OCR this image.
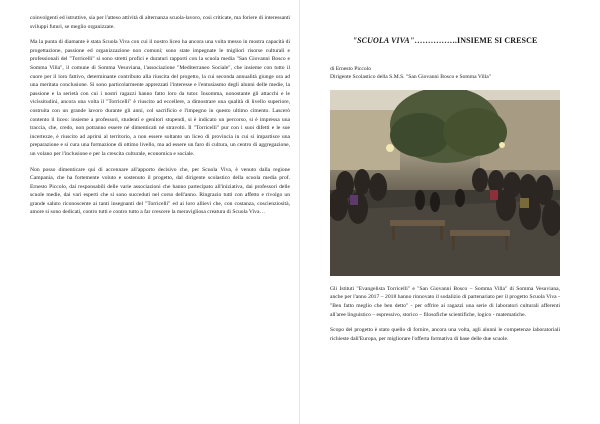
coinvolgenti ed istruttive, sia per l'atteso attività di alternanza scuola-lavoro, così criticate, ma foriere di interessanti sviluppi futuri, se meglio organizzate.

Ma la punta di diamante è stata Scuola Viva con cui il nostro liceo ha ancora una volta messo in mostra capacità di progettazione, passione ed organizzazione non comuni; sono state impegnate le migliori risorse culturali e professionali del "Torricelli" sì sono stretti profici e duraturi rapporti con la scuola media "San Giovanni Bosco e Somma Villa", il comune di Somma Vesuviana, l'associazione "Mediterraneo Sociale", che insieme con tutto il cuore per il loro fattivo, determinante contributo alla riuscita del progetto, la cui seconda annualità giunge ora ad una meritata conclusione. Si sono particolarmente apprezzati l'interesse e l'entusiasmo degli alunni delle medie, la passione e la serietà con cui i nostri ragazzi hanno fatto loro da tutor. Insomma, nonostante gli attacchi e le vicissitudini, ancora una volta il "Torricelli" è riuscito ad eccellere, a dimostrare una qualità di livello superiore, costruita con un grande lavoro durante gli anni, col sacrificio e l'impegno in questo ultimo cimento. Lascerò contento il liceo: insieme a professori, studenti e genitori stupendi, si è indicato un percorso, si è impressa una traccia, che, credo, non potranno essere né dimenticati né stravolti. Il "Torricelli" pur con i suoi difetti e le sue incertezze, è riuscito ad aprirsi al territorio, a non essere soltanto un liceo di provincia in cui si impartisce una preparazione e si cura una formazione di ottimo livello, ma ad essere un faro di cultura, un centro di aggregazione, un volano per l'inclusione e per la crescita culturale, economica e sociale.

Non posso dimenticare qui di accennare all'apporto decisivo che, per Scuola Viva, è venuto dalla regione Campania, che ha fortemente voluto e sostenuto il progetto, dal dirigente scolastico della scuola media prof. Ernesto Piccolo, dai responsabili delle varie associazioni che hanno partecipato all'iniziativa, dai professori delle scuole medie, dai vari esperti che si sono succeduti nel corso dell'anno. Ringrazio tutti con affetto e rivolgo un grande saluto riconoscente ai tanti insegnanti del "Torricelli" ed ai loro allievi che, con costanza, coscienziosità, amore si sono dedicati, contro tutti e contro tutto a far crescere la meravigliosa creatura di Scuola Viva…

"SCUOLA VIVA"…………….INSIEME SI CRESCE

di Ernesto Piccolo

Dirigente Scolastico della S.M.S. "San Giovanni Bosco e Somma Villa"

Gli Istituti "Evangelista Torricelli" e "San Giovanni Bosco – Somma Villa" di Somma Vesuviana, anche per l'anno 2017 – 2018 hanno rinnovato il sodalizio di partenariato per il progetto Scuola Viva - "Ben fatto meglio che ben detto" - per offrire ai ragazzi una serie di laboratori culturali afferenti all'aree linguistico – espressivo, storico – filosofiche scientifiche, logico - matematiche.

Scopo del progetto è stato quello di fornire, ancora una volta, agli alunni le competenze laboratoriali richieste dall'Europa, per migliorare l'offerta formativa di base delle due scuole.
